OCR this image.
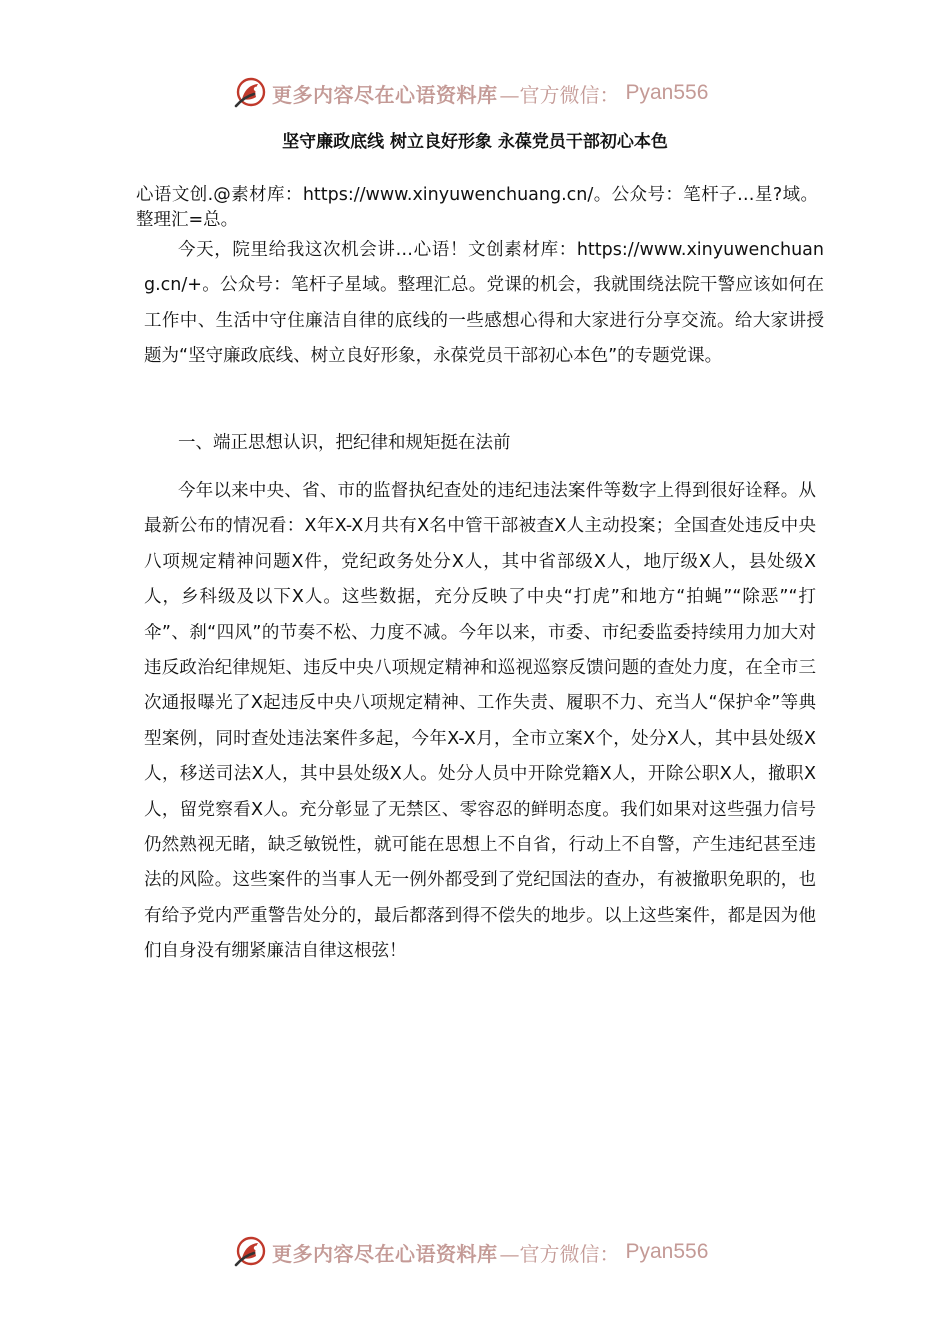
更多内容尽在心语资料库 —官方微信： Pyan556
坚守廉政底线 树立良好形象 永葆党员干部初心本色

心语文创.@素材库：https://www.xinyuwenchuang.cn/。公众号：笔杆子…星?域。整理汇=总。

今天，院里给我这次机会讲…心语！文创素材库：https://www.xinyuwenchuang.cn/+。公众号：笔杆子星域。整理汇总。党课的机会，我就围绕法院干警应该如何在工作中、生活中守住廉洁自律的底线的一些感想心得和大家进行分享交流。给大家讲授题为“坚守廉政底线、树立良好形象，永葆党员干部初心本色”的专题党课。

一、端正思想认识，把纪律和规矩挺在法前

今年以来中央、省、市的监督执纪查处的违纪违法案件等数字上得到很好诠释。从最新公布的情况看：X年X-X月共有X名中管干部被查X人主动投案；全国查处违反中央八项规定精神问题X件，党纪政务处分X人，其中省部级X人，地厅级X人，县处级X人，乡科级及以下X人。这些数据，充分反映了中央“打虎”和地方“拍蝇”“除恶”“打伞”、刹“四风”的节奏不松、力度不减。今年以来，市委、市纪委监委持续用力加大对违反政治纪律规矩、违反中央八项规定精神和巡视巡察反馈问题的查处力度，在全市三次通报曝光了X起违反中央八项规定精神、工作失责、履职不力、充当人“保护伞”等典型案例，同时查处违法案件多起，今年X-X月，全市立案X个，处分X人，其中县处级X人，移送司法X人，其中县处级X人。处分人员中开除党籍X人，开除公职X人，撤职X人，留党察看X人。充分彰显了无禁区、零容忍的鲜明态度。我们如果对这些强力信号仍然熟视无睹，缺乏敏锐性，就可能在思想上不自省，行动上不自警，产生违纪甚至违法的风险。这些案件的当事人无一例外都受到了党纪国法的查办，有被撤职免职的，也有给予党内严重警告处分的，最后都落到得不偿失的地步。以上这些案件，都是因为他们自身没有绷紧廉洁自律这根弦！

更多内容尽在心语资料库 —官方微信： Pyan556
